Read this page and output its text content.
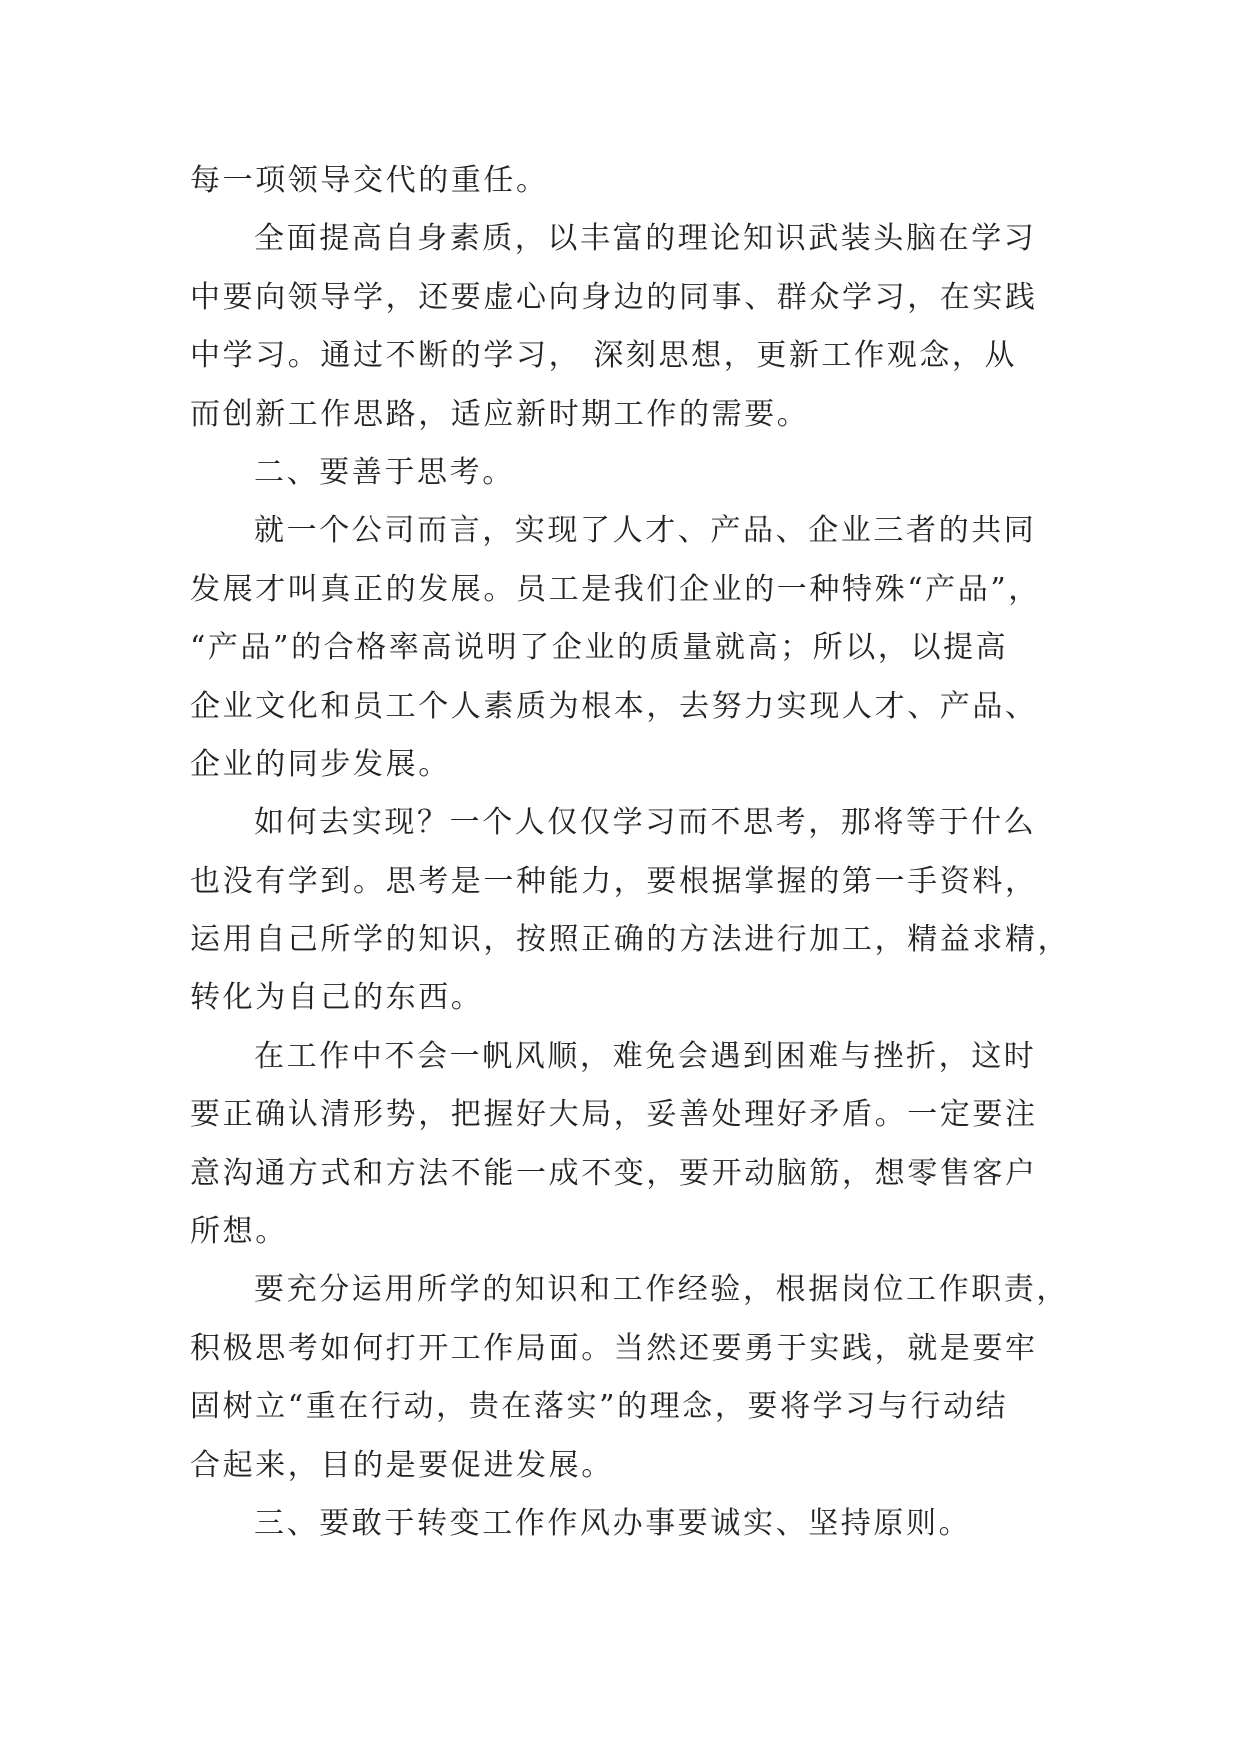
每一项领导交代的重任。
全面提高自身素质，以丰富的理论知识武装头脑在学习
中要向领导学，还要虚心向身边的同事、群众学习，在实践
中学习。通过不断的学习， 深刻思想，更新工作观念，从
而创新工作思路，适应新时期工作的需要。
二、要善于思考。
就一个公司而言，实现了人才、产品、企业三者的共同
发展才叫真正的发展。员工是我们企业的一种特殊“产品”，
“产品”的合格率高说明了企业的质量就高；所以，以提高
企业文化和员工个人素质为根本，去努力实现人才、产品、
企业的同步发展。
如何去实现？一个人仅仅学习而不思考，那将等于什么
也没有学到。思考是一种能力，要根据掌握的第一手资料，
运用自己所学的知识，按照正确的方法进行加工，精益求精，
转化为自己的东西。
在工作中不会一帆风顺，难免会遇到困难与挫折，这时
要正确认清形势，把握好大局，妥善处理好矛盾。一定要注
意沟通方式和方法不能一成不变，要开动脑筋，想零售客户
所想。
要充分运用所学的知识和工作经验，根据岗位工作职责，
积极思考如何打开工作局面。当然还要勇于实践，就是要牢
固树立“重在行动，贵在落实”的理念，要将学习与行动结
合起来，目的是要促进发展。
三、要敢于转变工作作风办事要诚实、坚持原则。
